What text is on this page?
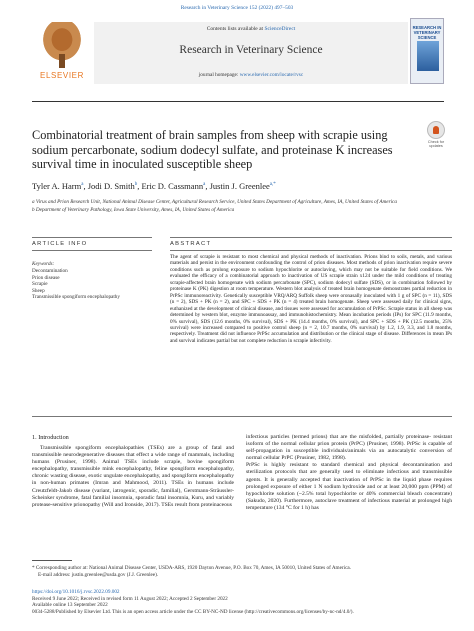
Research in Veterinary Science 152 (2022) 497–503
ELSEVIER
Contents lists available at ScienceDirect
Research in Veterinary Science
journal homepage: www.elsevier.com/locate/rvsc
RESEARCH IN VETERINARY SCIENCE
Combinatorial treatment of brain samples from sheep with scrapie using sodium percarbonate, sodium dodecyl sulfate, and proteinase K increases survival time in inoculated susceptible sheep
Check for updates
Tyler A. Harm$^a$, Jodi D. Smith$^b$, Eric D. Cassmann$^a$, Justin J. Greenlee$^{a,*}$
a Virus and Prion Research Unit, National Animal Disease Center, Agricultural Research Service, United States Department of Agriculture, Ames, IA, United States of America
b Department of Veterinary Pathology, Iowa State University, Ames, IA, United States of America
ARTICLE INFO	ABSTRACT
Keywords:
Decontamination
Prion disease
Scrapie
Sheep
Transmissible spongiform encephalopathy
The agent of scrapie is resistant to most chemical and physical methods of inactivation. Prions bind to soils, metals, and various materials and persist in the environment confounding the control of prion diseases. Most methods of prion inactivation require severe conditions such as prolong exposure to sodium hypochlorite or autoclaving, which may not be suitable for field conditions. We evaluated the efficacy of a combinatorial approach to inactivation of US scrapie strain x124 under the mild conditions of treating scrapie-affected brain homogenate with sodium percarbonate (SPC), sodium dodecyl sulfate (SDS), or in combination followed by proteinase K (PK) digestion at room temperature. Western blot analysis of treated brain homogenate demonstrates partial reduction in PrPSc immunoreactivity. Genetically susceptible VRQ/ARQ Suffolk sheep were oronasally inoculated with 1 g of SPC (n = 11), SDS (n = 2), SDS + PK (n = 2), and SPC + SDS + PK (n = 4) treated brain homogenate. Sheep were assessed daily for clinical signs, euthanized at the development of clinical disease, and tissues were assessed for accumulation of PrPSc. Scrapie status in all sheep was determined by western blot, enzyme immunoassay, and immunohistochemistry. Mean incubation periods (IPs) for SPC (11.9 months, 0% survival), SDS (12.6 months, 0% survival), SDS + PK (14.4 months, 0% survival), and SPC + SDS + PK (12.5 months, 25% survival) were increased compared to positive control sheep (n = 2, 10.7 months, 0% survival) by 1.2, 1.9, 3.3, and 1.8 months, respectively. Treatment did not influence PrPSc accumulation and distribution or the clinical stage of disease. Differences in mean IPs and survival indicates partial but not complete reduction in scrapie infectivity.
1. Introduction
Transmissible spongiform encephalopathies (TSEs) are a group of fatal and transmissible neurodegenerative diseases that effect a wide range of mammals, including humans (Prusiner, 1998). Animal TSEs include scrapie, bovine spongiform encephalopathy, transmissible mink encephalopathy, feline spongiform encephalopathy, chronic wasting disease, exotic ungulate encephalopathy, and spongiform encephalopathy in non-human primates (Imran and Mahmood, 2011). TSEs in humans include Creutzfeldt-Jakob disease (variant, iatrogenic, sporadic, familial), Gerstmann-Sträussler-Scheinker syndrome, fatal familial insomnia, sporadic fatal insomnia, Kuru, and variably protease-sensitive prionopathy (Will and Ironside, 2017). TSEs result from proteinaceous
infectious particles (termed prions) that are the misfolded, partially proteinase- resistant isoform of the normal cellular prion protein (PrPC) (Prusiner, 1998). PrPSc is capable of self-propagation in susceptible individuals/animals via an autocatalytic conversion of normal cellular PrPC (Prusiner, 1982, 1998).
PrPSc is highly resistant to standard chemical and physical decontamination and sterilization protocols that are generally used to eliminate infectious and transmissible agents. It is generally accepted that inactivation of PrPSc in the liquid phase requires prolonged exposure of either 1 N sodium hydroxide and or at least 20,000 ppm (PPM) of hypochlorite solution (~2.5% total hypochlorite or 40% commercial bleach concentrate) (Sakudo, 2020). Furthermore, autoclave treatment of infectious material at prolonged high temperature (134 °C for 1 h) has
* Corresponding author at: National Animal Disease Center, USDA-ARS, 1920 Dayton Avenue, P.O. Box 70, Ames, IA 50010, United States of America.
E-mail address: justin.greenlee@usda.gov (J.J. Greenlee).
https://doi.org/10.1016/j.rvsc.2022.09.002
Received 9 June 2022; Received in revised form 11 August 2022; Accepted 2 September 2022
Available online 13 September 2022
0034-5288/Published by Elsevier Ltd. This is an open access article under the CC BY-NC-ND license (http://creativecommons.org/licenses/by-nc-nd/4.0/).
